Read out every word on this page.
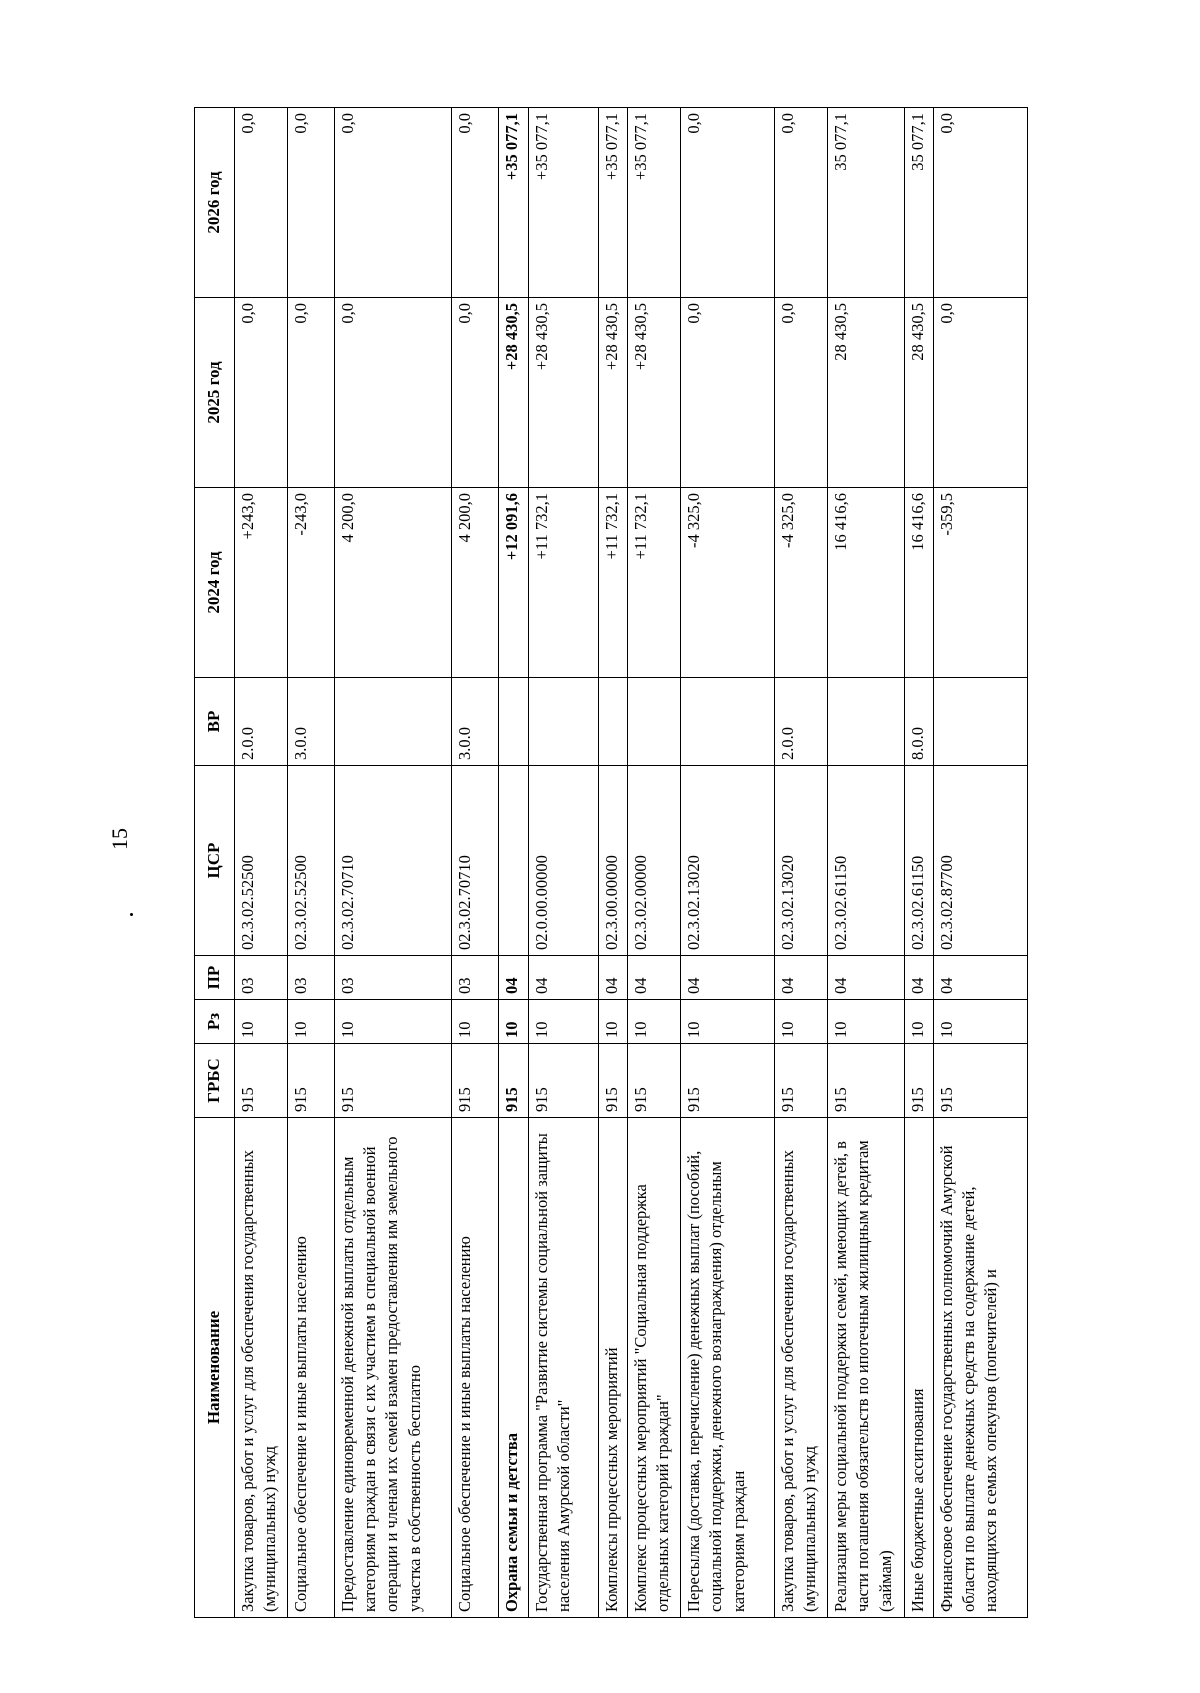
15
Наименование	ГРБС	Рз	ПР	ЦСР	ВР	2024 год	2025 год	2026 год
Закупка товаров, работ и услуг для обеспечения государственных (муниципальных) нужд	915	10	03	02.3.02.52500	2.0.0	+243,0	0,0	0,0
Социальное обеспечение и иные выплаты населению	915	10	03	02.3.02.52500	3.0.0	-243,0	0,0	0,0
Предоставление единовременной денежной выплаты отдельным категориям граждан в связи с их участием в специальной военной операции и членам их семей взамен предоставления им земельного участка в собственность бесплатно	915	10	03	02.3.02.70710		4 200,0	0,0	0,0
Социальное обеспечение и иные выплаты населению	915	10	03	02.3.02.70710	3.0.0	4 200,0	0,0	0,0
Охрана семьи и детства	915	10	04			+12 091,6	+28 430,5	+35 077,1
Государственная программа "Развитие системы социальной защиты населения Амурской области"	915	10	04	02.0.00.00000		+11 732,1	+28 430,5	+35 077,1
Комплексы процессных мероприятий	915	10	04	02.3.00.00000		+11 732,1	+28 430,5	+35 077,1
Комплекс процессных мероприятий "Социальная поддержка отдельных категорий граждан"	915	10	04	02.3.02.00000		+11 732,1	+28 430,5	+35 077,1
Пересылка (доставка, перечисление) денежных выплат (пособий, социальной поддержки, денежного вознаграждения) отдельным категориям граждан	915	10	04	02.3.02.13020		-4 325,0	0,0	0,0
Закупка товаров, работ и услуг для обеспечения государственных (муниципальных) нужд	915	10	04	02.3.02.13020	2.0.0	-4 325,0	0,0	0,0
Реализация меры социальной поддержки семей, имеющих детей, в части погашения обязательств по ипотечным жилищным кредитам (займам)	915	10	04	02.3.02.61150		16 416,6	28 430,5	35 077,1
Иные бюджетные ассигнования	915	10	04	02.3.02.61150	8.0.0	16 416,6	28 430,5	35 077,1
Финансовое обеспечение государственных полномочий Амурской области по выплате денежных средств на содержание детей, находящихся в семьях опекунов (попечителей) и	915	10	04	02.3.02.87700		-359,5	0,0	0,0
